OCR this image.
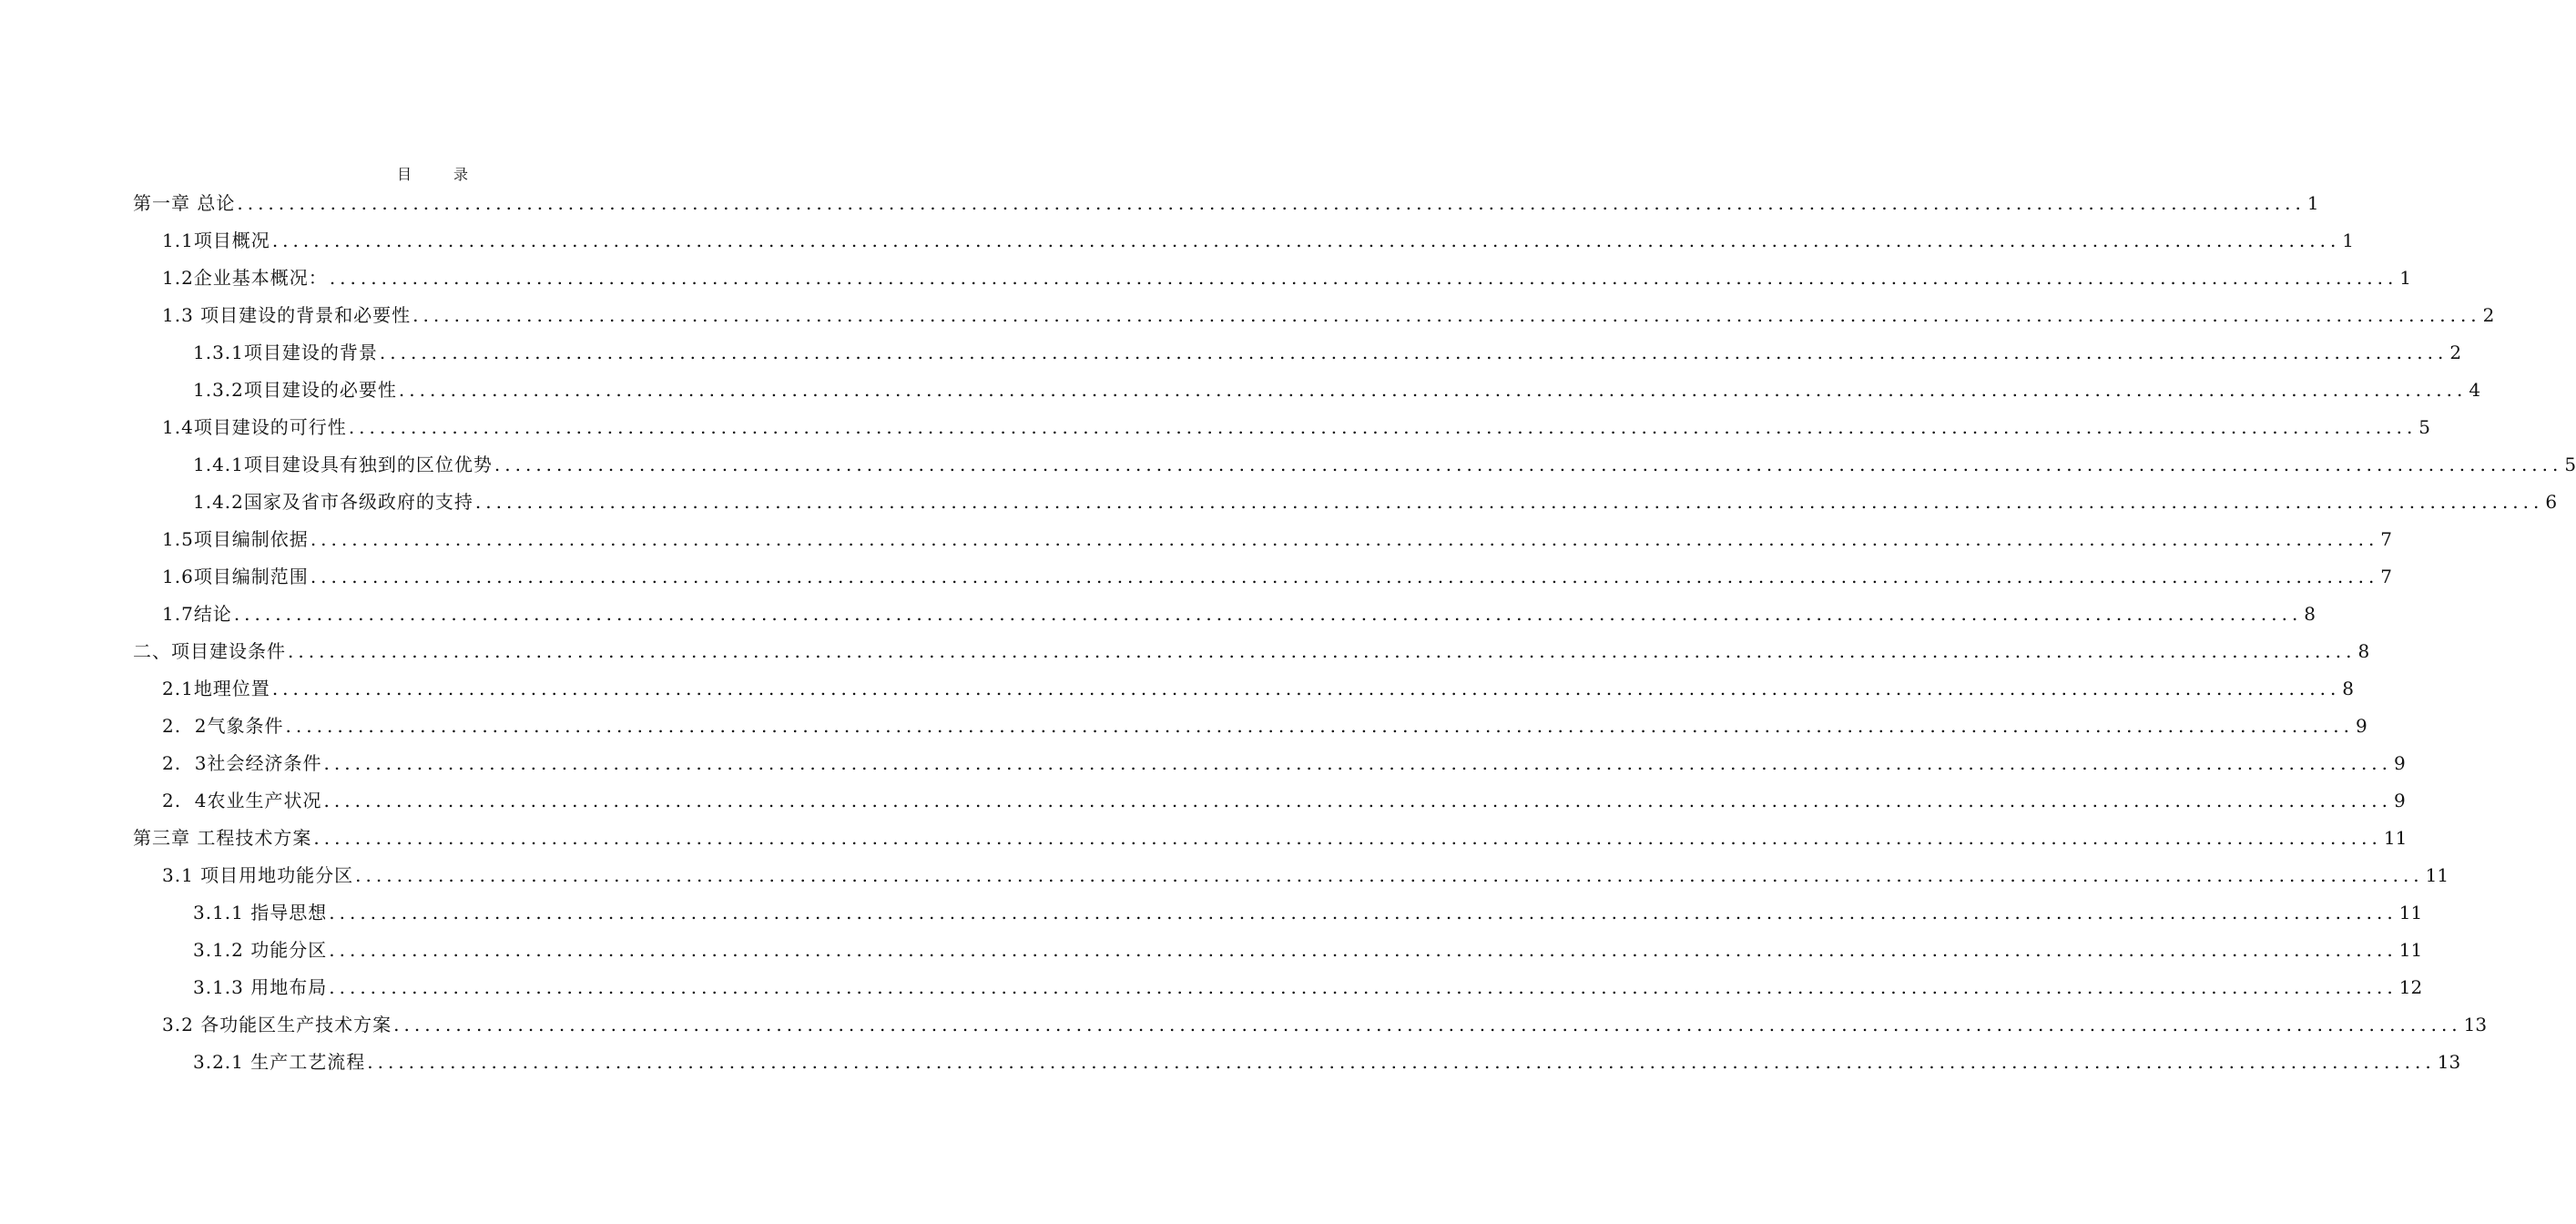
目录
第一章 总论 ........................................................................................................................................................................................................ 1
1.1 项目概况 ........................................................................................................................................................................................................ 1
1.2 企业基本概况： ........................................................................................................................................................................................................ 1
1.3 项目建设的背景和必要性 ........................................................................................................................................................................................................ 2
1.3.1 项目建设的背景 ........................................................................................................................................................................................................ 2
1.3.2 项目建设的必要性 ........................................................................................................................................................................................................ 4
1.4 项目建设的可行性 ........................................................................................................................................................................................................ 5
1.4.1 项目建设具有独到的区位优势 ........................................................................................................................................................................................................ 5
1.4.2 国家及省市各级政府的支持 ........................................................................................................................................................................................................ 6
1.5 项目编制依据 ........................................................................................................................................................................................................ 7
1.6 项目编制范围 ........................................................................................................................................................................................................ 7
1.7 结论 ........................................................................................................................................................................................................ 8
二、项目建设条件 ........................................................................................................................................................................................................ 8
2.1 地理位置 ........................................................................................................................................................................................................ 8
2.  2 气象条件 ........................................................................................................................................................................................................ 9
2.  3 社会经济条件 ........................................................................................................................................................................................................ 9
2.  4 农业生产状况 ........................................................................................................................................................................................................ 9
第三章 工程技术方案 ........................................................................................................................................................................................................ 11
3.1 项目用地功能分区 ........................................................................................................................................................................................................ 11
3.1.1 指导思想 ........................................................................................................................................................................................................ 11
3.1.2 功能分区 ........................................................................................................................................................................................................ 11
3.1.3 用地布局 ........................................................................................................................................................................................................ 12
3.2 各功能区生产技术方案 ........................................................................................................................................................................................................ 13
3.2.1 生产工艺流程 ........................................................................................................................................................................................................ 13
